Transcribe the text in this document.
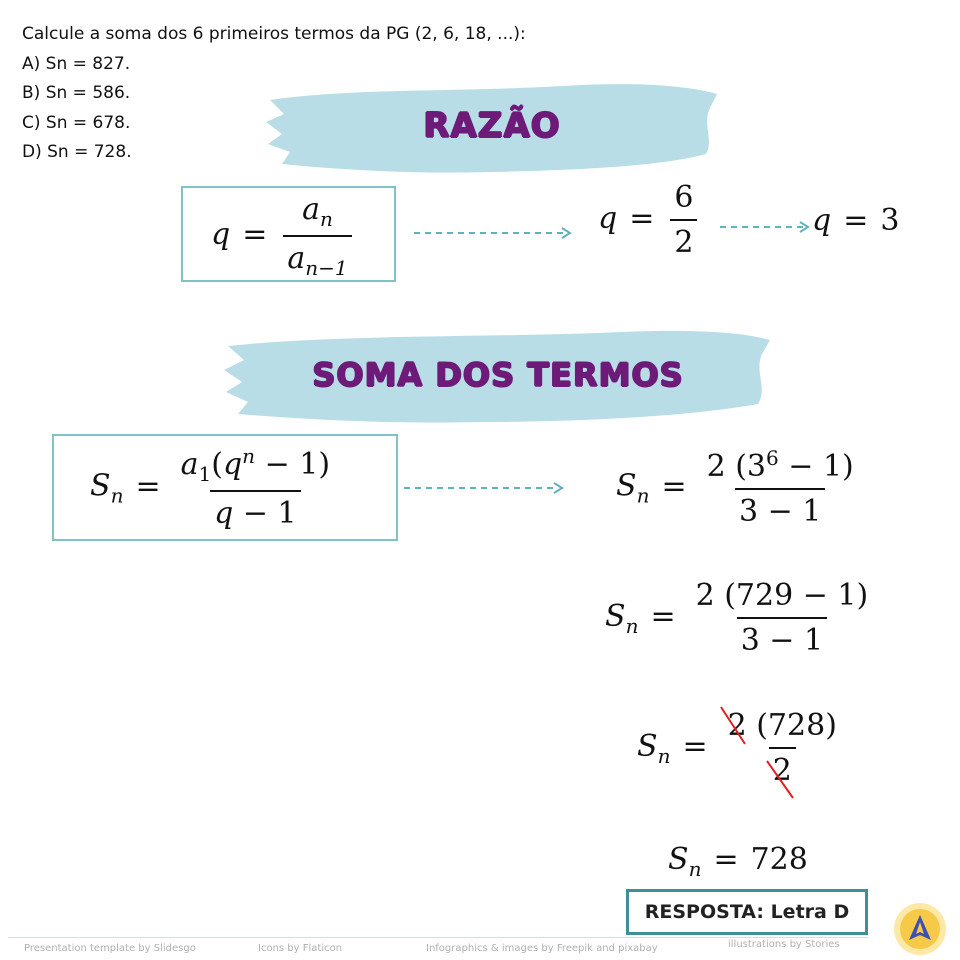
Calcule a soma dos 6 primeiros termos da PG (2, 6, 18, ...):
A) Sn = 827.
B) Sn = 586.
C) Sn = 678.
D) Sn = 728.
RAZÃO
$q = \frac{a_n}{a_{n-1}}$	$q = \frac{6}{2}$	q = 3
SOMA DOS TERMOS
$S_n = \frac{a_1(q^n - 1)}{q - 1}$	$S_n = \frac{2 (3^6 - 1)}{3 - 1}$
$S_n = \frac{2 (729 - 1)}{3 - 1}$
$S_n = \frac{2 (728)}{2}$
$S_n = 728$
RESPOSTA: Letra D
Presentation template by Slidesgo	Icons by Flaticon	Infographics & images by Freepik and pixabay	illustrations by Stories
